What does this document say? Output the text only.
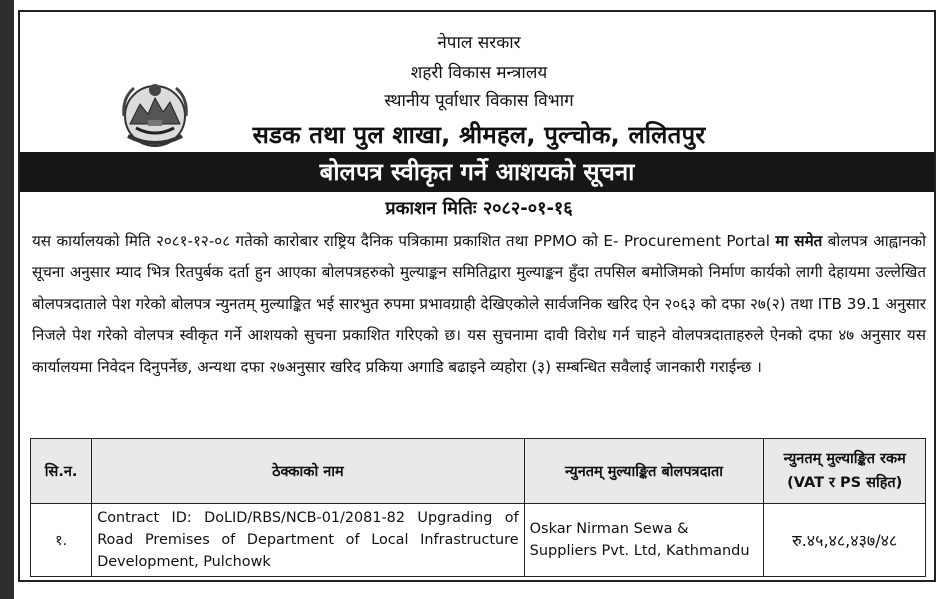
नेपाल सरकार
शहरी विकास मन्त्रालय
स्थानीय पूर्वाधार विकास विभाग
सडक तथा पुल शाखा, श्रीमहल, पुल्चोक, ललितपुर
बोलपत्र स्वीकृत गर्ने आशयको सूचना
प्रकाशन मितिः २०८२-०१-१६

यस कार्यालयको मिति २०८१-१२-०८ गतेको कारोबार राष्ट्रिय दैनिक पत्रिकामा प्रकाशित तथा PPMO को E- Procurement Portal मा समेत बोलपत्र आह्वानको सूचना अनुसार म्याद भित्र रितपुर्बक दर्ता हुन आएका बोलपत्रहरुको मुल्याङ्कन समितिद्वारा मुल्याङ्कन हुँदा तपसिल बमोजिमको निर्माण कार्यको लागी देहायमा उल्लेखित बोलपत्रदाताले पेश गरेको बोलपत्र न्युनतम् मुल्याङ्कित भई सारभुत रुपमा प्रभावग्राही देखिएकोले सार्वजनिक खरिद ऐन २०६३ को दफा २७(२) तथा ITB 39.1 अनुसार निजले पेश गरेको वोलपत्र स्वीकृत गर्ने आशयको सुचना प्रकाशित गरिएको छ। यस सुचनामा दावी विरोध गर्न चाहने वोलपत्रदाताहरुले ऐनको दफा ४७ अनुसार यस कार्यालयमा निवेदन दिनुपर्नेछ, अन्यथा दफा २७अनुसार खरिद प्रकिया अगाडि बढाइने व्यहोरा (३) सम्बन्धित सवैलाई जानकारी गराईन्छ ।

सि.न.	ठेक्काको नाम	न्युनतम् मुल्याङ्कित बोलपत्रदाता	न्युनतम् मुल्याङ्कित रकम
(VAT र PS सहित)

१.	Contract ID: DoLID/RBS/NCB-01/2081-82 Upgrading of Road Premises of Department of Local Infrastructure Development, Pulchowk	Oskar Nirman Sewa & Suppliers Pvt. Ltd, Kathmandu	रु.४५,४८,४३७/४८
